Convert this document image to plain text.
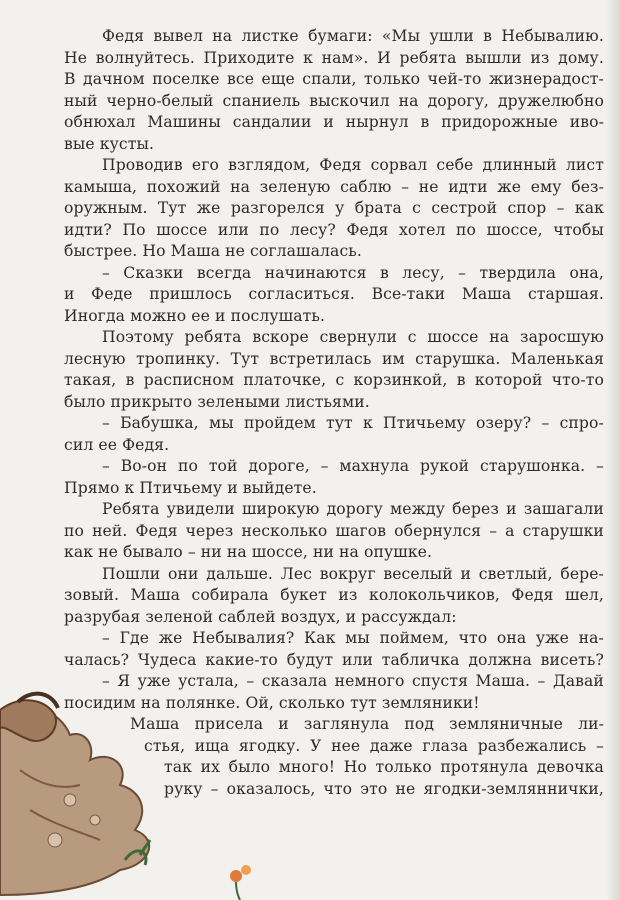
Федя вывел на листке бумаги: «Мы ушли в Небывалию.
Не волнуйтесь. Приходите к нам». И ребята вышли из дому.
В дачном поселке все еще спали, только чей-то жизнерадост-
ный черно-белый спаниель выскочил на дорогу, дружелюбно
обнюхал Машины сандалии и нырнул в придорожные ивo-
вые кусты.
Проводив его взглядом, Федя сорвал себе длинный лист
камыша, похожий на зеленую саблю – не идти же ему без-
оружным. Тут же разгорелся у брата с сестрой спор – как
идти? По шоссе или по лесу? Федя хотел по шоссе, чтобы
быстрее. Но Маша не соглашалась.
– Сказки всегда начинаются в лесу, – твердила она,
и Феде пришлось согласиться. Все-таки Маша старшая.
Иногда можно ее и послушать.
Поэтому ребята вскоре свернули с шоссе на заросшую
лесную тропинку. Тут встретилась им старушка. Маленькая
такая, в расписном платочке, с корзинкой, в которой что-то
было прикрыто зелеными листьями.
– Бабушка, мы пройдем тут к Птичьему озеру? – спро-
сил ее Федя.
– Во-он по той дороге, – махнула рукой старушонка. –
Прямо к Птичьему и выйдете.
Ребята увидели широкую дорогу между берез и зашагали
по ней. Федя через несколько шагов обернулся – а старушки
как не бывало – ни на шоссе, ни на опушке.
Пошли они дальше. Лес вокруг веселый и светлый, бере-
зовый. Маша собирала букет из колокольчиков, Федя шел,
разрубая зеленой саблей воздух, и рассуждал:
– Где же Небывалия? Как мы поймем, что она уже на-
чалась? Чудеса какие-то будут или табличка должна висеть?
– Я уже устала, – сказала немного спустя Маша. – Давай
посидим на полянке. Ой, сколько тут земляники!
Маша присела и заглянула под земляничные ли-
стья, ища ягодку. У нее даже глаза разбежались –
так их было много! Но только протянула девочка
руку – оказалось, что это не ягодки-земляннички,
